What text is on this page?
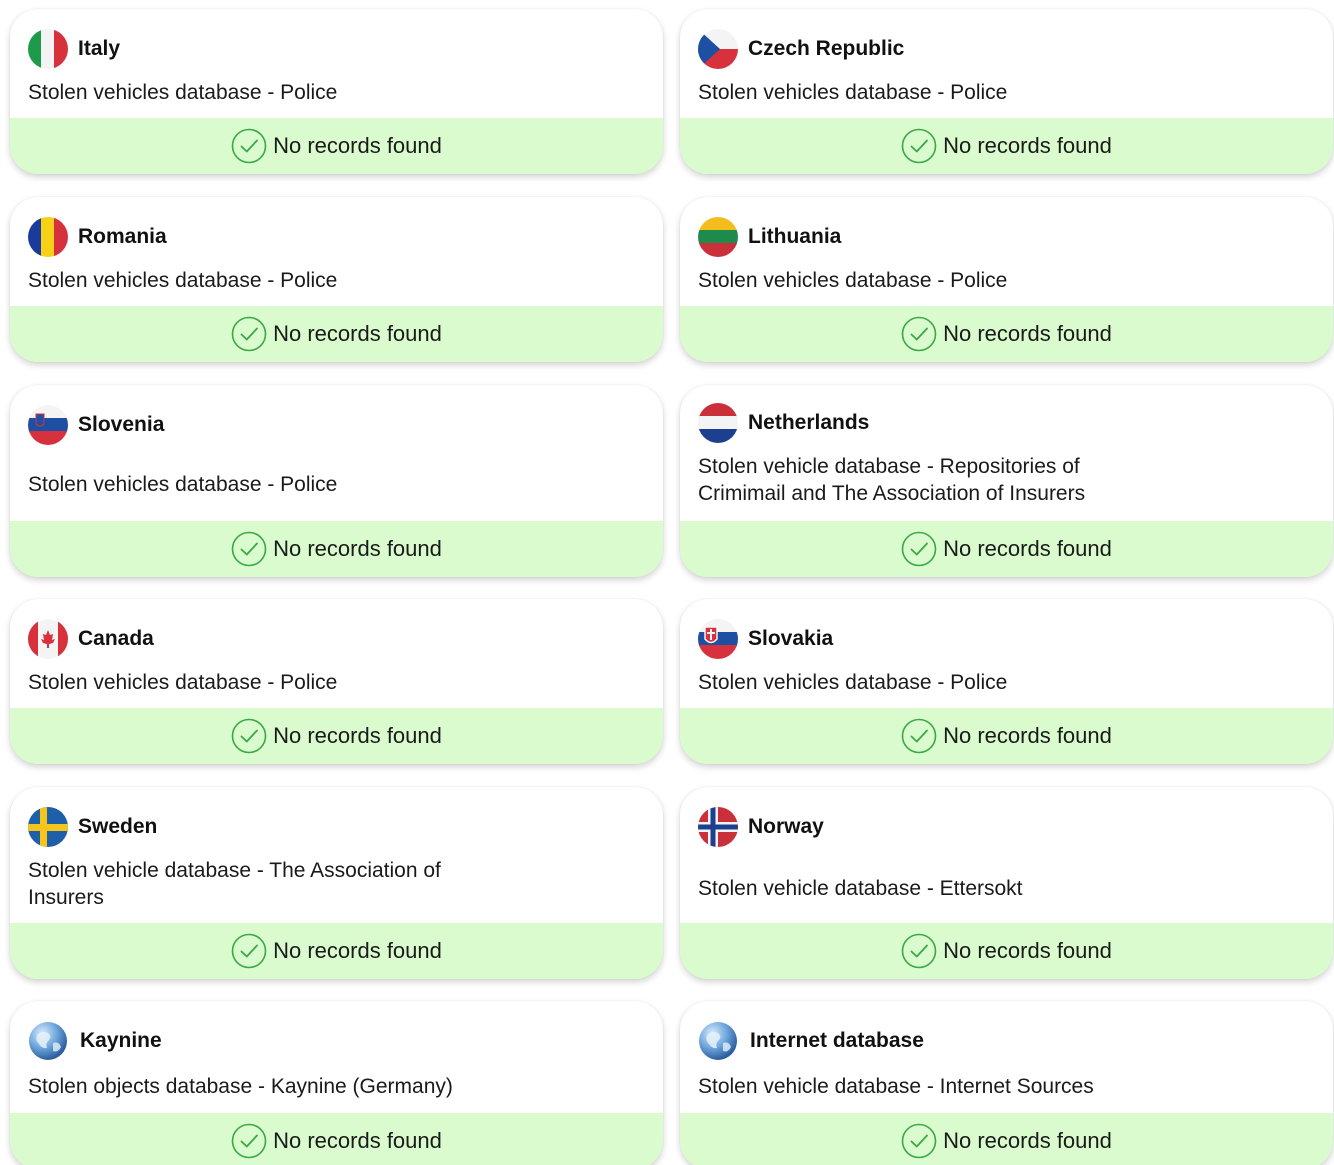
Italy
Stolen vehicles database - Police
No records found
Czech Republic
Stolen vehicles database - Police
No records found
Romania
Stolen vehicles database - Police
No records found
Lithuania
Stolen vehicles database - Police
No records found
Slovenia
Stolen vehicles database - Police
No records found
Netherlands
Stolen vehicle database - Repositories of Crimimail and The Association of Insurers
No records found
Canada
Stolen vehicles database - Police
No records found
Slovakia
Stolen vehicles database - Police
No records found
Sweden
Stolen vehicle database - The Association of Insurers
No records found
Norway
Stolen vehicle database - Ettersokt
No records found
Kaynine
Stolen objects database - Kaynine (Germany)
No records found
Internet database
Stolen vehicle database - Internet Sources
No records found
